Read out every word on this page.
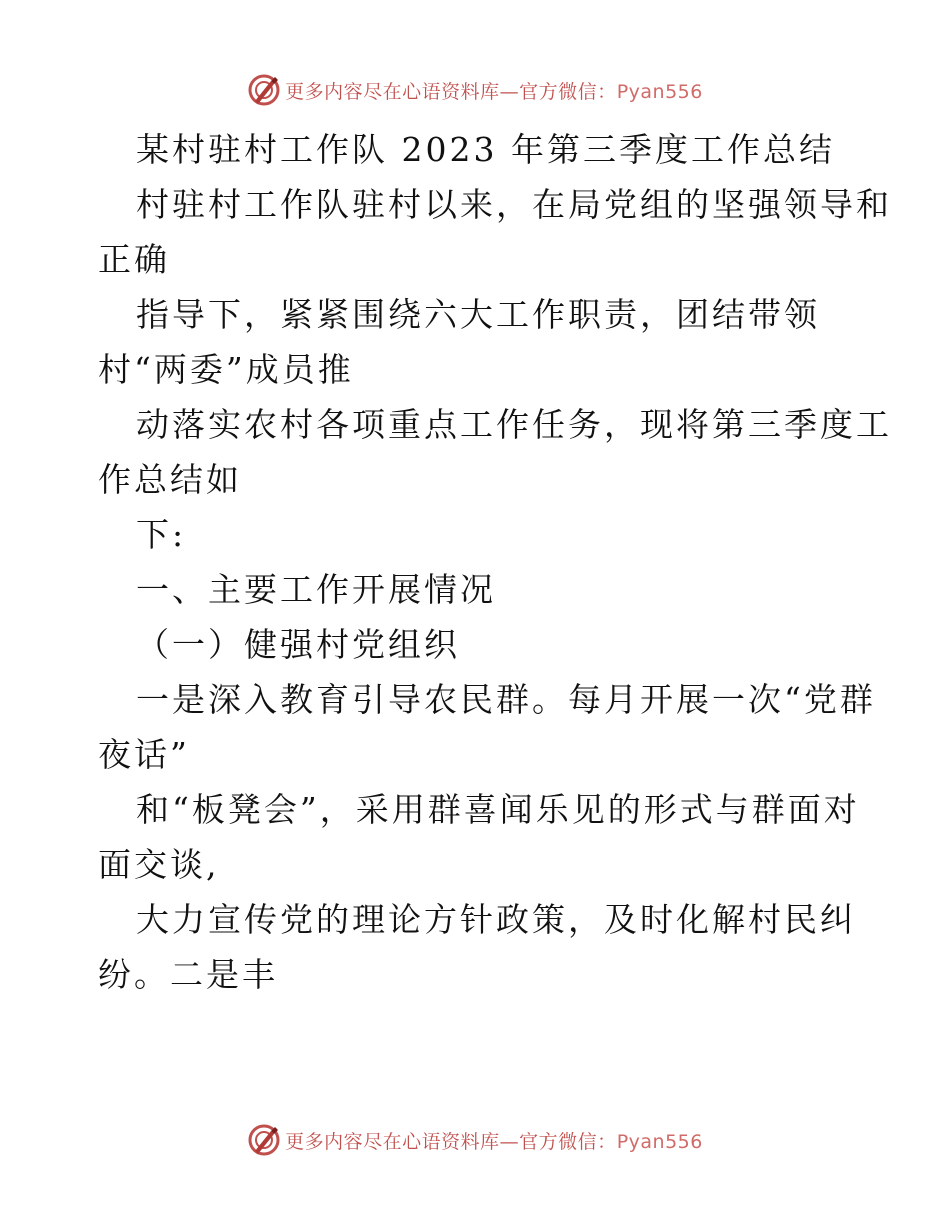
更多内容尽在心语资料库—官方微信：Pyan556
某村驻村工作队 2023 年第三季度工作总结
村驻村工作队驻村以来，在局党组的坚强领导和
正确
指导下，紧紧围绕六大工作职责，团结带领
村“两委”成员推
动落实农村各项重点工作任务，现将第三季度工
作总结如
下:
一、主要工作开展情况
（一）健强村党组织
一是深入教育引导农民群。每月开展一次“党群
夜话”
和“板凳会”，采用群喜闻乐见的形式与群面对
面交谈,
大力宣传党的理论方针政策，及时化解村民纠
纷。二是丰
更多内容尽在心语资料库—官方微信：Pyan556
